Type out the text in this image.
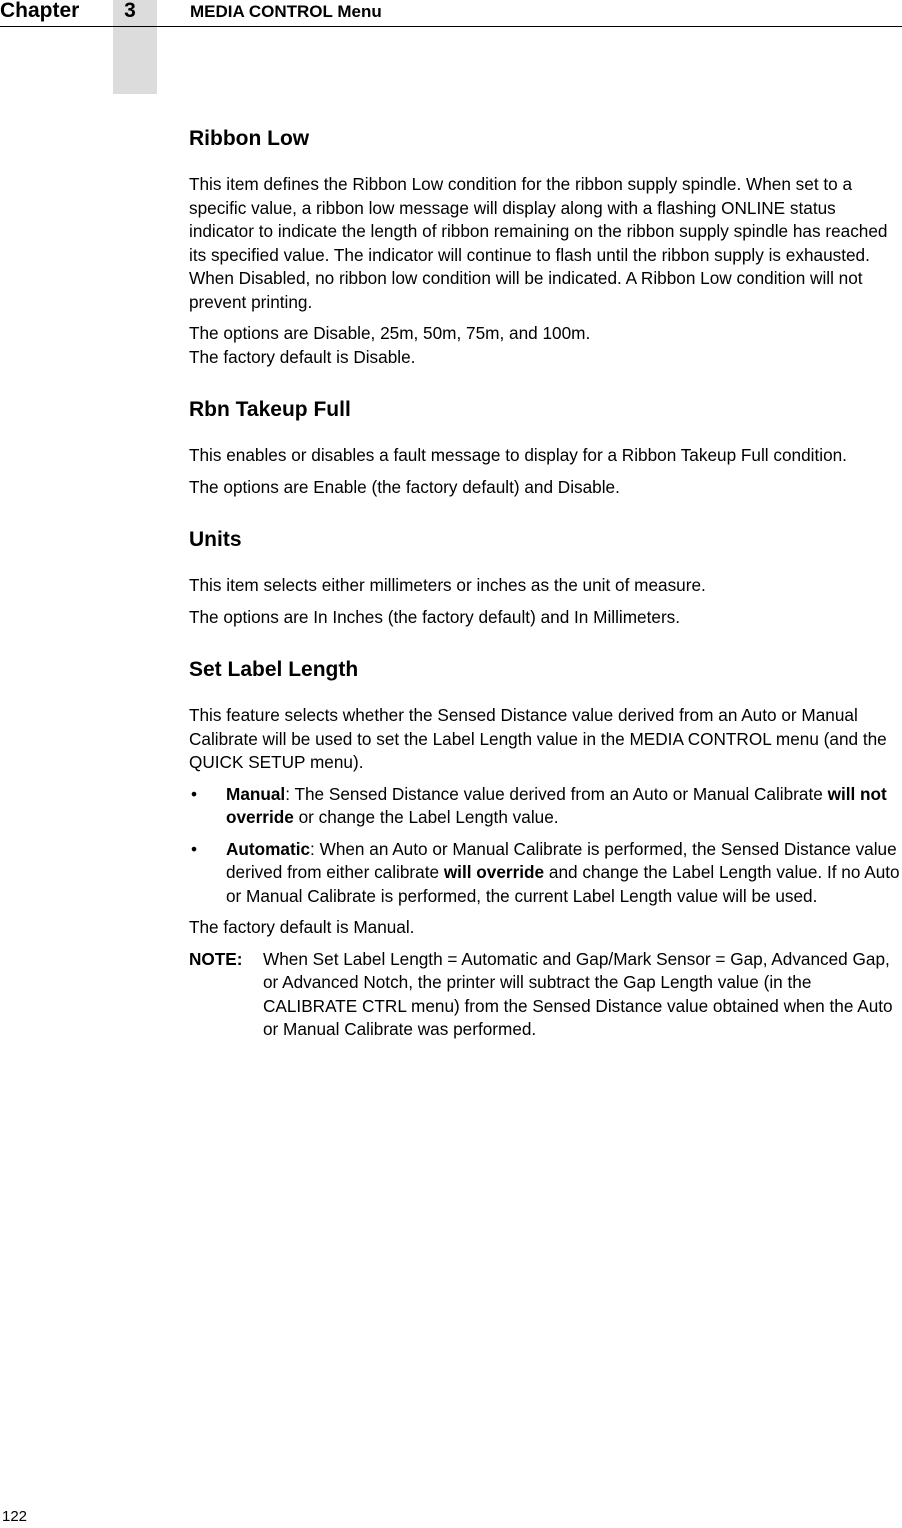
Chapter	3	MEDIA CONTROL Menu
Ribbon Low

This item defines the Ribbon Low condition for the ribbon supply spindle. When set to a specific value, a ribbon low message will display along with a flashing ONLINE status indicator to indicate the length of ribbon remaining on the ribbon supply spindle has reached its specified value. The indicator will continue to flash until the ribbon supply is exhausted. When Disabled, no ribbon low condition will be indicated. A Ribbon Low condition will not prevent printing.

The options are Disable, 25m, 50m, 75m, and 100m.

The factory default is Disable.

Rbn Takeup Full

This enables or disables a fault message to display for a Ribbon Takeup Full condition.

The options are Enable (the factory default) and Disable.

Units

This item selects either millimeters or inches as the unit of measure.

The options are In Inches (the factory default) and In Millimeters.

Set Label Length

This feature selects whether the Sensed Distance value derived from an Auto or Manual Calibrate will be used to set the Label Length value in the MEDIA CONTROL menu (and the QUICK SETUP menu).

• Manual: The Sensed Distance value derived from an Auto or Manual Calibrate will not override or change the Label Length value.
• Automatic: When an Auto or Manual Calibrate is performed, the Sensed Distance value derived from either calibrate will override and change the Label Length value. If no Auto or Manual Calibrate is performed, the current Label Length value will be used.

The factory default is Manual.

NOTE: When Set Label Length = Automatic and Gap/Mark Sensor = Gap, Advanced Gap, or Advanced Notch, the printer will subtract the Gap Length value (in the CALIBRATE CTRL menu) from the Sensed Distance value obtained when the Auto or Manual Calibrate was performed.
122
